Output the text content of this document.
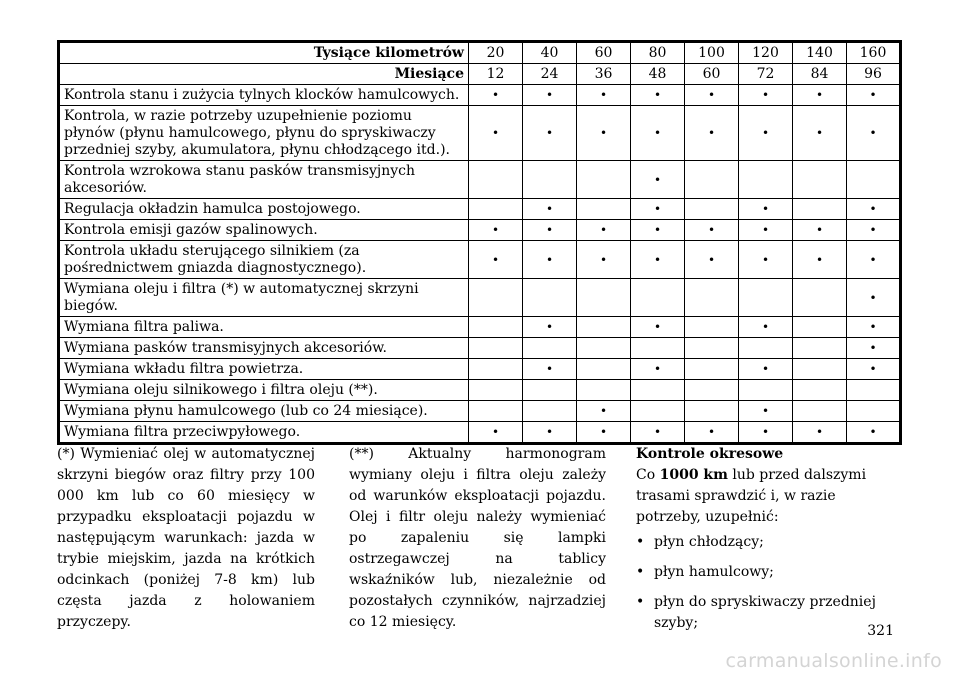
Tysiące kilometrów	20	40	60	80	100	120	140	160
Miesiące	12	24	36	48	60	72	84	96
Kontrola stanu i zużycia tylnych klocków hamulcowych.	•	•	•	•	•	•	•	•
Kontrola, w razie potrzeby uzupełnienie poziomu płynów (płynu hamulcowego, płynu do spryskiwaczy przedniej szyby, akumulatora, płynu chłodzącego itd.).	•	•	•	•	•	•	•	•
Kontrola wzrokowa stanu pasków transmisyjnych akcesoriów.				•				
Regulacja okładzin hamulca postojowego.		•		•		•		•
Kontrola emisji gazów spalinowych.	•	•	•	•	•	•	•	•
Kontrola układu sterującego silnikiem (za pośrednictwem gniazda diagnostycznego).	•	•	•	•	•	•	•	•
Wymiana oleju i filtra (*) w automatycznej skrzyni biegów.								•
Wymiana filtra paliwa.		•		•		•		•
Wymiana pasków transmisyjnych akcesoriów.								•
Wymiana wkładu filtra powietrza.		•		•		•		•
Wymiana oleju silnikowego i filtra oleju (**).								
Wymiana płynu hamulcowego (lub co 24 miesiące).			•			•		
Wymiana filtra przeciwpyłowego.	•	•	•	•	•	•	•	•
(*) Wymieniać olej w automatycznej skrzyni biegów oraz filtry przy 100 000 km lub co 60 miesięcy w przypadku eksploatacji pojazdu w następującym warunkach: jazda w trybie miejskim, jazda na krótkich odcinkach (poniżej 7-8 km) lub częsta jazda z holowaniem przyczepy.
(**) Aktualny harmonogram wymiany oleju i filtra oleju zależy od warunków eksploatacji pojazdu. Olej i filtr oleju należy wymieniać po zapaleniu się lampki ostrzegawczej na tablicy wskaźników lub, niezależnie od pozostałych czynników, najrzadziej co 12 miesięcy.
Kontrole okresowe

Co 1000 km lub przed dalszymi trasami sprawdzić i, w razie potrzeby, uzupełnić:

• płyn chłodzący;
• płyn hamulcowy;
• płyn do spryskiwaczy przedniej szyby;	321
carmanualsonline.info
